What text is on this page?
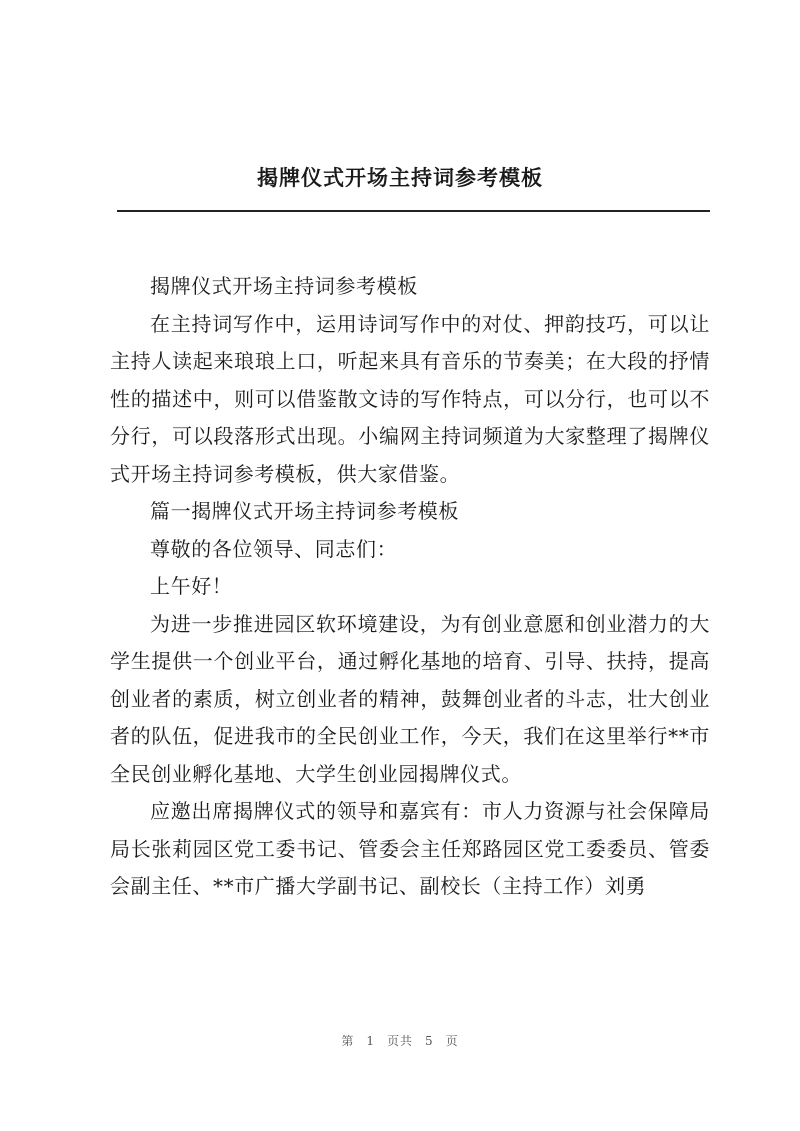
揭牌仪式开场主持词参考模板

揭牌仪式开场主持词参考模板

在主持词写作中，运用诗词写作中的对仗、押韵技巧，可以让主持人读起来琅琅上口，听起来具有音乐的节奏美；在大段的抒情性的描述中，则可以借鉴散文诗的写作特点，可以分行，也可以不分行，可以段落形式出现。小编网主持词频道为大家整理了揭牌仪式开场主持词参考模板，供大家借鉴。

篇一揭牌仪式开场主持词参考模板

尊敬的各位领导、同志们：

上午好！

为进一步推进园区软环境建设，为有创业意愿和创业潜力的大学生提供一个创业平台，通过孵化基地的培育、引导、扶持，提高创业者的素质，树立创业者的精神，鼓舞创业者的斗志，壮大创业者的队伍，促进我市的全民创业工作，今天，我们在这里举行**市全民创业孵化基地、大学生创业园揭牌仪式。

应邀出席揭牌仪式的领导和嘉宾有：市人力资源与社会保障局局长张莉园区党工委书记、管委会主任郑路园区党工委委员、管委会副主任、**市广播大学副书记、副校长（主持工作）刘勇

第 1 页共 5 页
